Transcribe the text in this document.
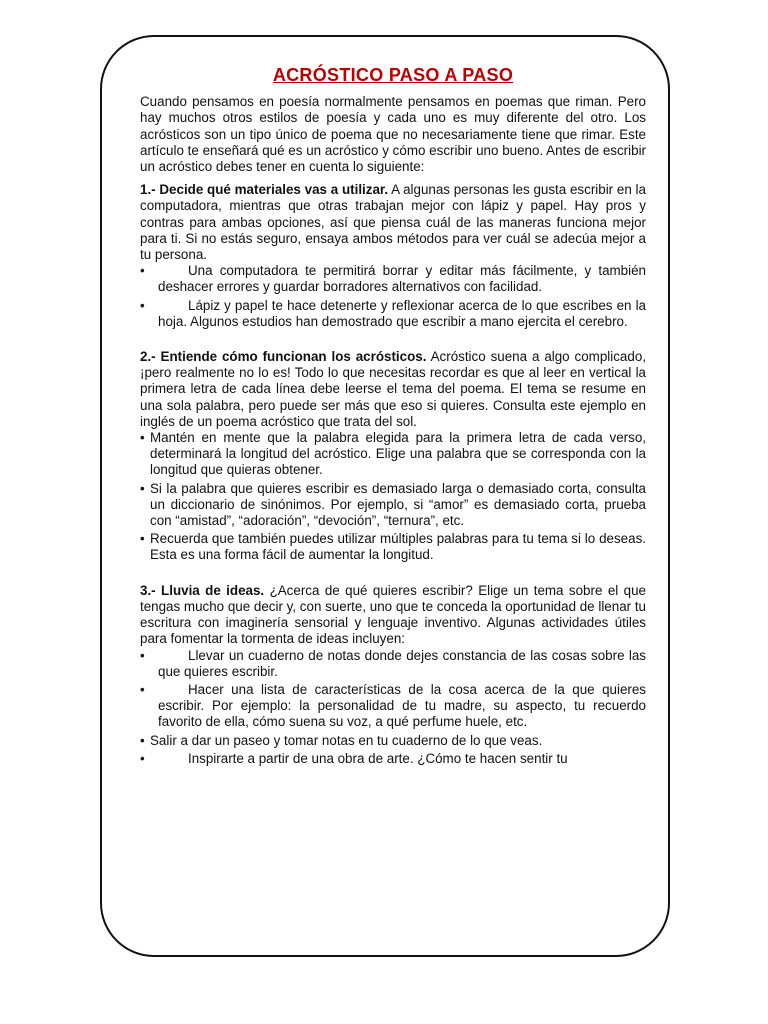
ACRÓSTICO PASO A PASO

Cuando pensamos en poesía normalmente pensamos en poemas que riman. Pero hay muchos otros estilos de poesía y cada uno es muy diferente del otro. Los acrósticos son un tipo único de poema que no necesariamente tiene que rimar. Este artículo te enseñará qué es un acróstico y cómo escribir uno bueno. Antes de escribir un acróstico debes tener en cuenta lo siguiente:

1.- Decide qué materiales vas a utilizar. A algunas personas les gusta escribir en la computadora, mientras que otras trabajan mejor con lápiz y papel. Hay pros y contras para ambas opciones, así que piensa cuál de las maneras funciona mejor para ti. Si no estás seguro, ensaya ambos métodos para ver cuál se adecúa mejor a tu persona.

•	Una computadora te permitirá borrar y editar más fácilmente, y también deshacer errores y guardar borradores alternativos con facilidad.
•	Lápiz y papel te hace detenerte y reflexionar acerca de lo que escribes en la hoja. Algunos estudios han demostrado que escribir a mano ejercita el cerebro.

2.- Entiende cómo funcionan los acrósticos. Acróstico suena a algo complicado, ¡pero realmente no lo es! Todo lo que necesitas recordar es que al leer en vertical la primera letra de cada línea debe leerse el tema del poema. El tema se resume en una sola palabra, pero puede ser más que eso si quieres. Consulta este ejemplo en inglés de un poema acróstico que trata del sol.

• Mantén en mente que la palabra elegida para la primera letra de cada verso, determinará la longitud del acróstico. Elige una palabra que se corresponda con la longitud que quieras obtener.
• Si la palabra que quieres escribir es demasiado larga o demasiado corta, consulta un diccionario de sinónimos. Por ejemplo, si “amor” es demasiado corta, prueba con “amistad”, “adoración”, “devoción”, “ternura”, etc.
• Recuerda que también puedes utilizar múltiples palabras para tu tema si lo deseas. Esta es una forma fácil de aumentar la longitud.

3.- Lluvia de ideas. ¿Acerca de qué quieres escribir? Elige un tema sobre el que tengas mucho que decir y, con suerte, uno que te conceda la oportunidad de llenar tu escritura con imaginería sensorial y lenguaje inventivo. Algunas actividades útiles para fomentar la tormenta de ideas incluyen:

•	Llevar un cuaderno de notas donde dejes constancia de las cosas sobre las que quieres escribir.
•	Hacer una lista de características de la cosa acerca de la que quieres escribir. Por ejemplo: la personalidad de tu madre, su aspecto, tu recuerdo favorito de ella, cómo suena su voz, a qué perfume huele, etc.
• Salir a dar un paseo y tomar notas en tu cuaderno de lo que veas.
•	Inspirarte a partir de una obra de arte. ¿Cómo te hacen sentir tu
